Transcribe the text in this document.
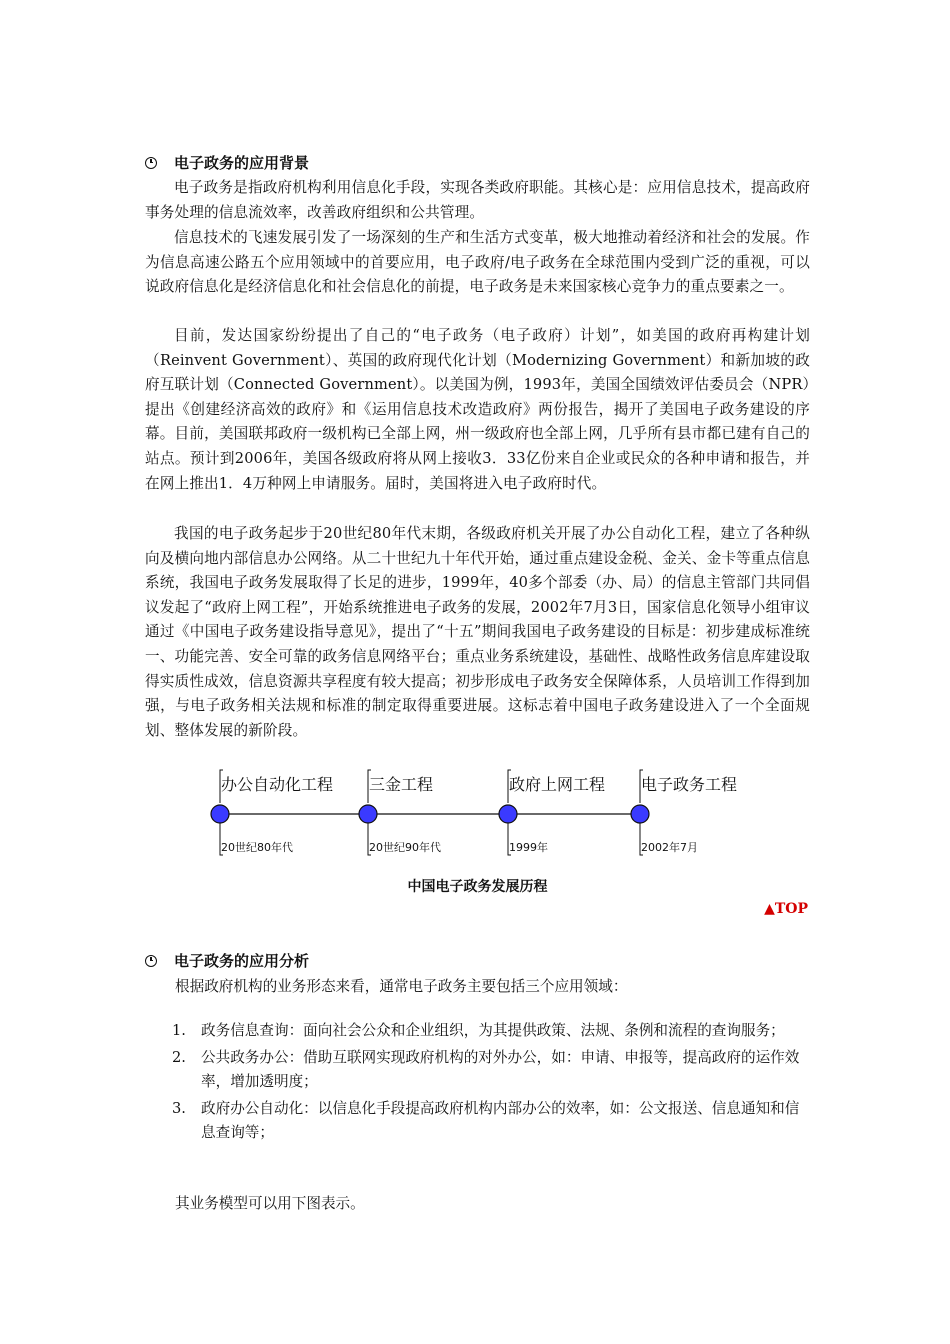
电子政务的应用背景

电子政务是指政府机构利用信息化手段，实现各类政府职能。其核心是：应用信息技术，提高政府事务处理的信息流效率，改善政府组织和公共管理。

信息技术的飞速发展引发了一场深刻的生产和生活方式变革，极大地推动着经济和社会的发展。作为信息高速公路五个应用领域中的首要应用，电子政府/电子政务在全球范围内受到广泛的重视，可以说政府信息化是经济信息化和社会信息化的前提，电子政务是未来国家核心竞争力的重点要素之一。

目前，发达国家纷纷提出了自己的“电子政务（电子政府）计划”，如美国的政府再构建计划（Reinvent Government）、英国的政府现代化计划（Modernizing Government）和新加坡的政府互联计划（Connected Government）。以美国为例，1993年，美国全国绩效评估委员会（NPR）提出《创建经济高效的政府》和《运用信息技术改造政府》两份报告，揭开了美国电子政务建设的序幕。目前，美国联邦政府一级机构已全部上网，州一级政府也全部上网，几乎所有县市都已建有自己的站点。预计到2006年，美国各级政府将从网上接收3．33亿份来自企业或民众的各种申请和报告，并在网上推出1．4万种网上申请服务。届时，美国将进入电子政府时代。

我国的电子政务起步于20世纪80年代末期，各级政府机关开展了办公自动化工程，建立了各种纵向及横向地内部信息办公网络。从二十世纪九十年代开始，通过重点建设金税、金关、金卡等重点信息系统，我国电子政务发展取得了长足的进步，1999年，40多个部委（办、局）的信息主管部门共同倡议发起了“政府上网工程”，开始系统推进电子政务的发展，2002年7月3日，国家信息化领导小组审议通过《中国电子政务建设指导意见》，提出了“十五”期间我国电子政务建设的目标是：初步建成标准统一、功能完善、安全可靠的政务信息网络平台；重点业务系统建设，基础性、战略性政务信息库建设取得实质性成效，信息资源共享程度有较大提高；初步形成电子政务安全保障体系，人员培训工作得到加强，与电子政务相关法规和标准的制定取得重要进展。这标志着中国电子政务建设进入了一个全面规划、整体发展的新阶段。

办公自动化工程
20世纪80年代
三金工程
20世纪90年代
政府上网工程
1999年
电子政务工程
2002年7月
中国电子政务发展历程
▲TOP
电子政务的应用分析

根据政府机构的业务形态来看，通常电子政务主要包括三个应用领域：

1. 政务信息查询：面向社会公众和企业组织，为其提供政策、法规、条例和流程的查询服务；
2. 公共政务办公：借助互联网实现政府机构的对外办公，如：申请、申报等，提高政府的运作效率，增加透明度；
3. 政府办公自动化：以信息化手段提高政府机构内部办公的效率，如：公文报送、信息通知和信息查询等；

其业务模型可以用下图表示。
